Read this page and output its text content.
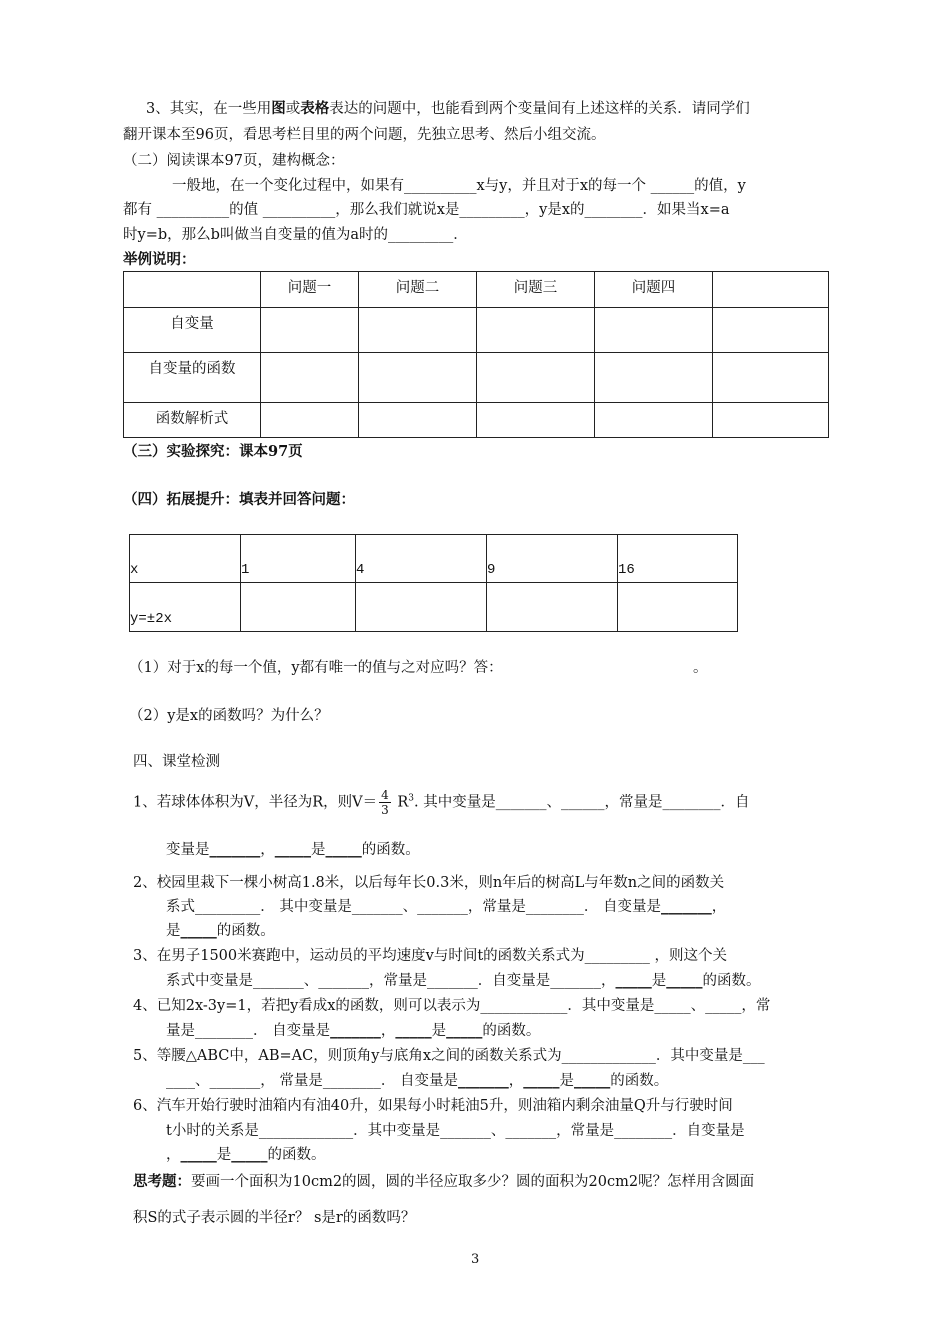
3、其实，在一些用图或表格表达的问题中，也能看到两个变量间有上述这样的关系．请同学们
翻开课本至96页，看思考栏目里的两个问题，先独立思考、然后小组交流。
（二）阅读课本97页，建构概念：
一般地，在一个变化过程中，如果有__________x与y，并且对于x的每一个 ______的值，y
都有 __________的值 __________，那么我们就说x是_________，y是x的________．如果当x=a
时y=b，那么b叫做当自变量的值为a时的_________．
举例说明：
	问题一	问题二	问题三	问题四	
自变量					
自变量的函数					
函数解析式					
（三）实验探究：课本97页
（四）拓展提升：填表并回答问题：
x	1	4	9	16
y=±2x				
（1）对于x的每一个值，y都有唯一的值与之对应吗？答：	。
（2）y是x的函数吗？为什么？
四、课堂检测
1、若球体体积为V，半径为R，则$V= \frac{4}{3} R^3$. 其中变量是_______、______，常量是________．自
变量是_______，_____是_____的函数。
2、校园里栽下一棵小树高1.8米，以后每年长0.3米，则n年后的树高L与年数n之间的函数关
系式_________． 其中变量是_______、_______，常量是________． 自变量是_______，
是_____的函数。
3、在男子1500米赛跑中，运动员的平均速度v与时间t的函数关系式为_________ ，则这个关
系式中变量是_______、_______，常量是_______．自变量是_______，_____是_____的函数。
4、已知2x-3y=1，若把y看成x的函数，则可以表示为____________．其中变量是_____、_____，常
量是________． 自变量是_______，_____是_____的函数。
5、等腰△ABC中，AB=AC，则顶角y与底角x之间的函数关系式为_____________．其中变量是___
____、_______， 常量是________． 自变量是_______，_____是_____的函数。
6、汽车开始行驶时油箱内有油40升，如果每小时耗油5升，则油箱内剩余油量Q升与行驶时间
t小时的关系是_____________．其中变量是_______、_______，常量是________．自变量是
，_____是_____的函数。
思考题：要画一个面积为10cm2的圆，圆的半径应取多少？圆的面积为20cm2呢？怎样用含圆面
积S的式子表示圆的半径r？ s是r的函数吗？
3
